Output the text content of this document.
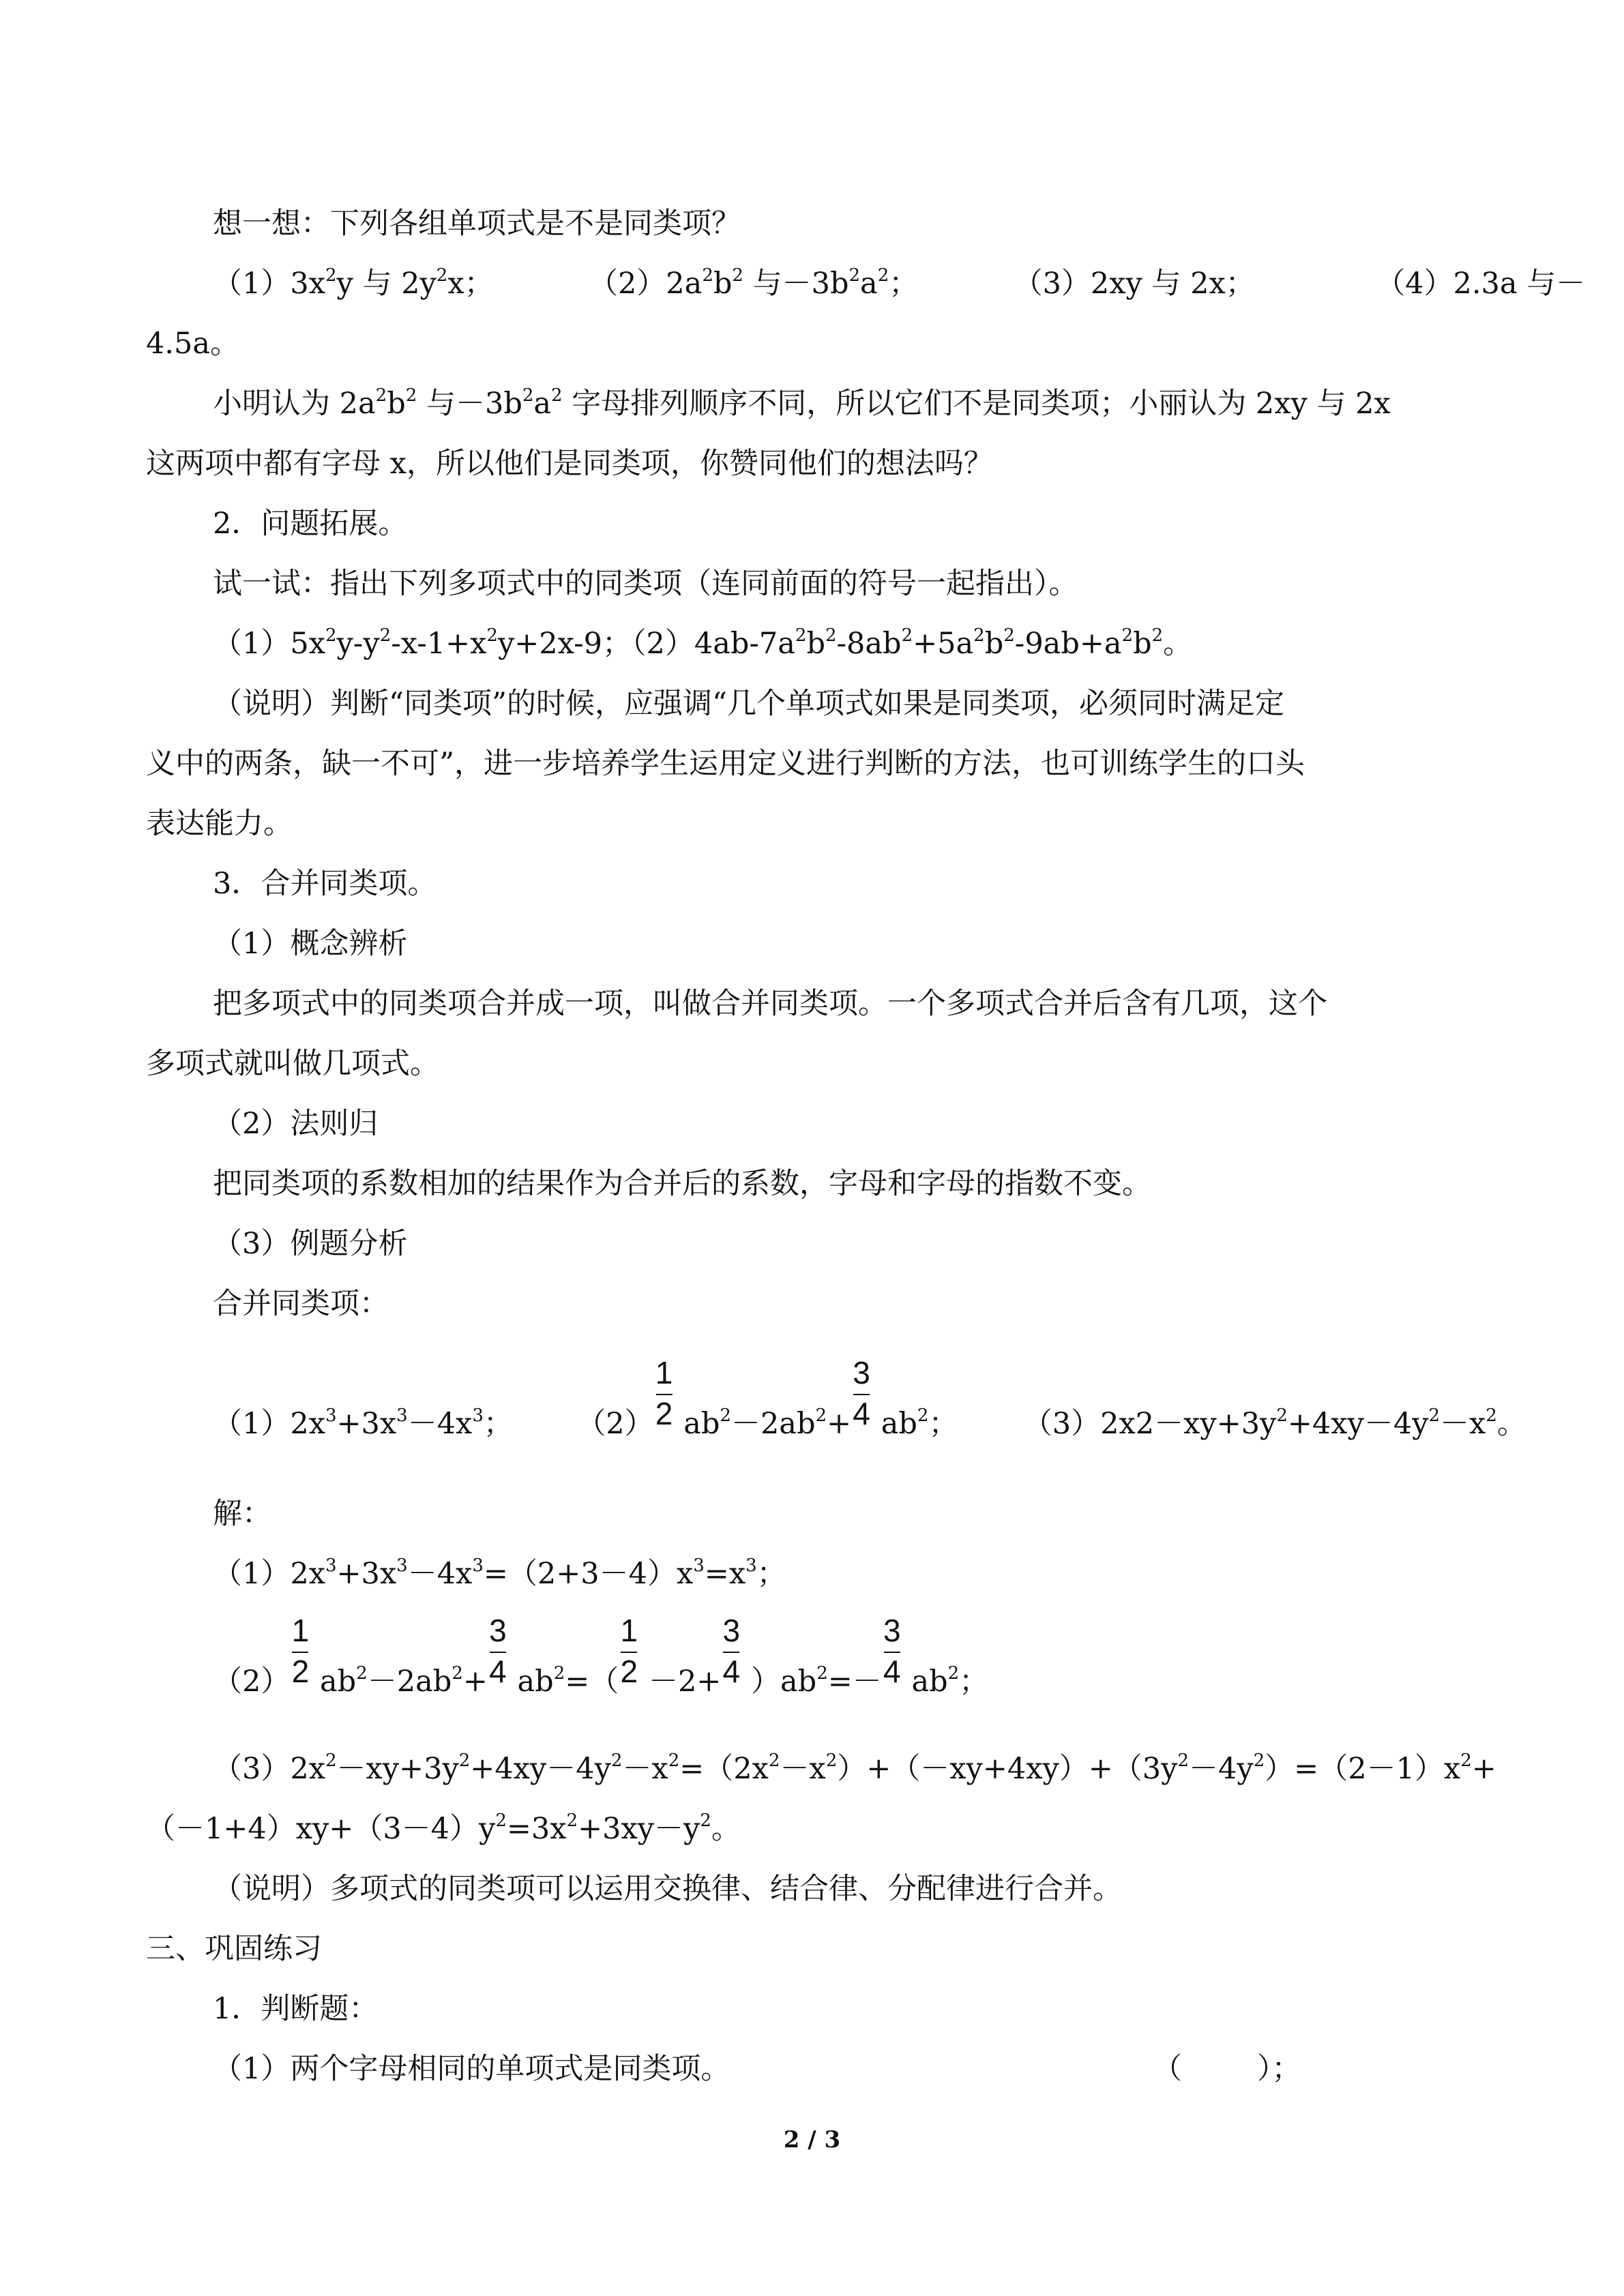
想一想：下列各组单项式是不是同类项？
$(1)3x^2y$ 与 $2y^2x$；	$(2)2a^2b^2$ 与$-3b^2a^2$；	（3）2xy 与 2x；	（4）2.3a 与－
4.5a。
小明认为 $2a^2b^2$ 与$-3b^2a^2$ 字母排列顺序不同，所以它们不是同类项；小丽认为 2xy 与 2x
这两项中都有字母 x，所以他们是同类项，你赞同他们的想法吗？
2．问题拓展。
试一试：指出下列多项式中的同类项（连同前面的符号一起指出）。
$(1)5x^2y-y^2-x-1+x^2y+2x-9$；$(2)4ab-7a^2b^2-8ab^2+5a^2b^2-9ab+a^2b^2$。
（说明）判断“同类项”的时候，应强调“几个单项式如果是同类项，必须同时满足定
义中的两条，缺一不可”，进一步培养学生运用定义进行判断的方法，也可训练学生的口头
表达能力。
3．合并同类项。
（1）概念辨析
把多项式中的同类项合并成一项，叫做合并同类项。一个多项式合并后含有几项，这个
多项式就叫做几项式。
（2）法则归
把同类项的系数相加的结果作为合并后的系数，字母和字母的指数不变。
（3）例题分析
合并同类项：
$(1)2x^3+3x^3-4x^3$； （2）
1
2 $ab^2-2ab^2+$
3
4 $ab^2$； $(3)2x2-xy+3y^2+4xy-4y^2-x^2$。
解：
$(1)2x^3+3x^3-4x^3=(2+3-4)x^3=x^3$；
（2）
1
2 $ab^2-2ab^2+$
3
4 $ab^2=$（
1
2 －2+
3
4 ）$ab^2=-$
3
4 $ab^2$；
$(3)2x^2-xy+3y^2+4xy-4y^2-x^2=(2x^2-x^2)+(-xy+4xy)+(3y^2-4y^2)=(2-1)x^2+$
$(-1+4)xy+(3-4)y^2=3x^2+3xy-y^2$。
（说明）多项式的同类项可以运用交换律、结合律、分配律进行合并。
三、巩固练习
1．判断题：
（1）两个字母相同的单项式是同类项。	（	）；
2 / 3
